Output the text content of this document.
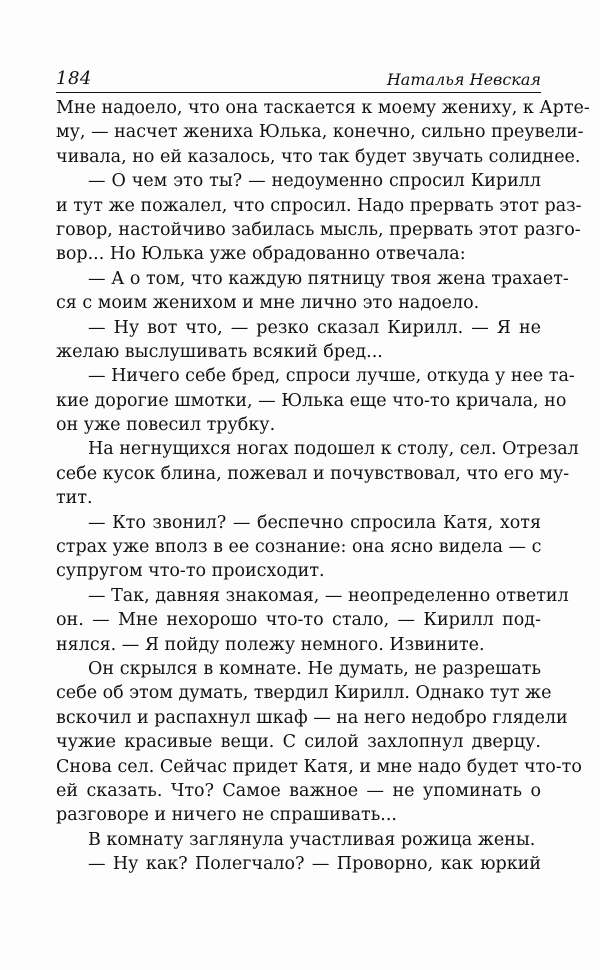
184	Наталья Невская
Мне надоело, что она таскается к моему жениху, к Арте-
му, — насчет жениха Юлька, конечно, сильно преувели-
чивала, но ей казалось, что так будет звучать солиднее.
— О чем это ты? — недоуменно спросил Кирилл
и тут же пожалел, что спросил. Надо прервать этот раз-
говор, настойчиво забилась мысль, прервать этот разго-
вор... Но Юлька уже обрадованно отвечала:
— А о том, что каждую пятницу твоя жена трахает-
ся с моим женихом и мне лично это надоело.
— Ну вот что, — резко сказал Кирилл. — Я не
желаю выслушивать всякий бред...
— Ничего себе бред, спроси лучше, откуда у нее та-
кие дорогие шмотки, — Юлька еще что-то кричала, но
он уже повесил трубку.
На негнущихся ногах подошел к столу, сел. Отрезал
себе кусок блина, пожевал и почувствовал, что его му-
тит.
— Кто звонил? — беспечно спросила Катя, хотя
страх уже вполз в ее сознание: она ясно видела — с
супругом что-то происходит.
— Так, давняя знакомая, — неопределенно ответил
он. — Мне нехорошо что-то стало, — Кирилл под-
нялся. — Я пойду полежу немного. Извините.
Он скрылся в комнате. Не думать, не разрешать
себе об этом думать, твердил Кирилл. Однако тут же
вскочил и распахнул шкаф — на него недобро глядели
чужие красивые вещи. С силой захлопнул дверцу.
Снова сел. Сейчас придет Катя, и мне надо будет что-то
ей сказать. Что? Самое важное — не упоминать о
разговоре и ничего не спрашивать...
В комнату заглянула участливая рожица жены.
— Ну как? Полегчало? — Проворно, как юркий
